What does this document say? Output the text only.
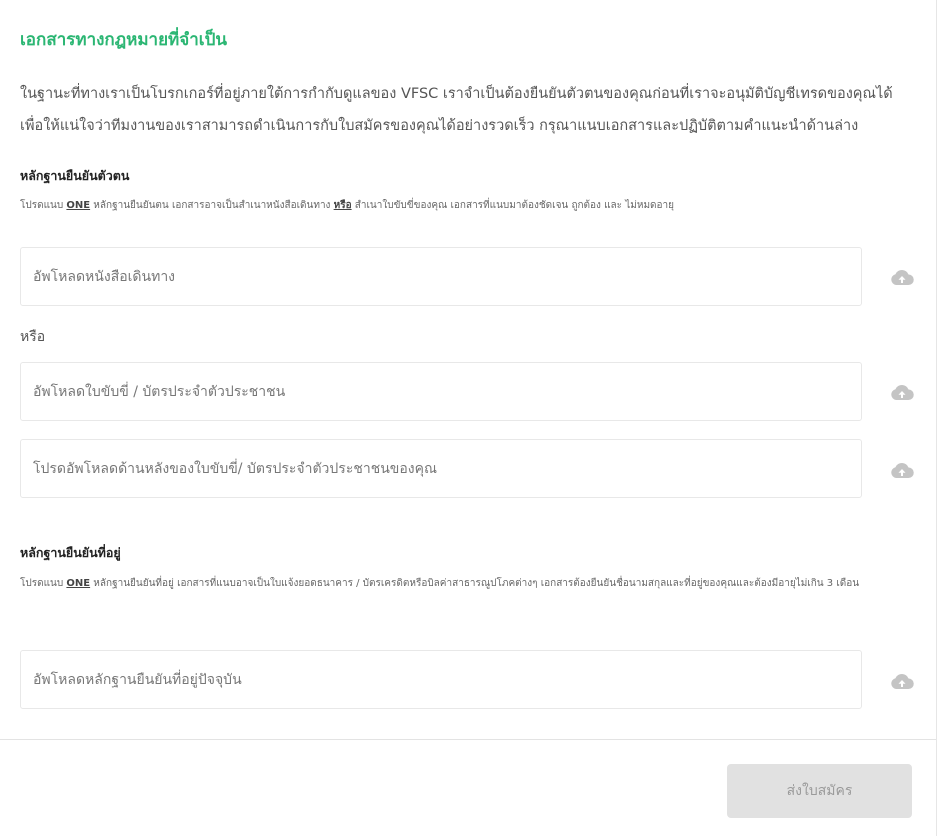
เอกสารทางกฎหมายที่จำเป็น

ในฐานะที่ทางเราเป็นโบรกเกอร์ที่อยู่ภายใต้การกำกับดูแลของ VFSC เราจำเป็นต้องยืนยันตัวตนของคุณก่อนที่เราจะอนุมัติบัญชีเทรดของคุณได้ เพื่อให้แน่ใจว่าทีมงานของเราสามารถดำเนินการกับใบสมัครของคุณได้อย่างรวดเร็ว กรุณาแนบเอกสารและปฏิบัติตามคำแนะนำด้านล่าง

หลักฐานยืนยันตัวตน

โปรดแนบ ONE หลักฐานยืนยันตน เอกสารอาจเป็นสำเนาหนังสือเดินทาง หรือ สำเนาใบขับขี่ของคุณ เอกสารที่แนบมาต้องชัดเจน ถูกต้อง และ ไม่หมดอายุ

อัพโหลดหนังสือเดินทาง

หรือ

อัพโหลดใบขับขี่ / บัตรประจำตัวประชาชน
โปรดอัพโหลดด้านหลังของใบขับขี่/ บัตรประจำตัวประชาชนของคุณ
หลักฐานยืนยันที่อยู่

โปรดแนบ ONE หลักฐานยืนยันที่อยู่ เอกสารที่แนบอาจเป็นใบแจ้งยอดธนาคาร / บัตรเครดิตหรือบิลค่าสาธารณูปโภคต่างๆ เอกสารต้องยืนยันชื่อนามสกุลและที่อยู่ของคุณและต้องมีอายุไม่เกิน 3 เดือน

อัพโหลดหลักฐานยืนยันที่อยู่ปัจจุบัน
ส่งใบสมัคร
